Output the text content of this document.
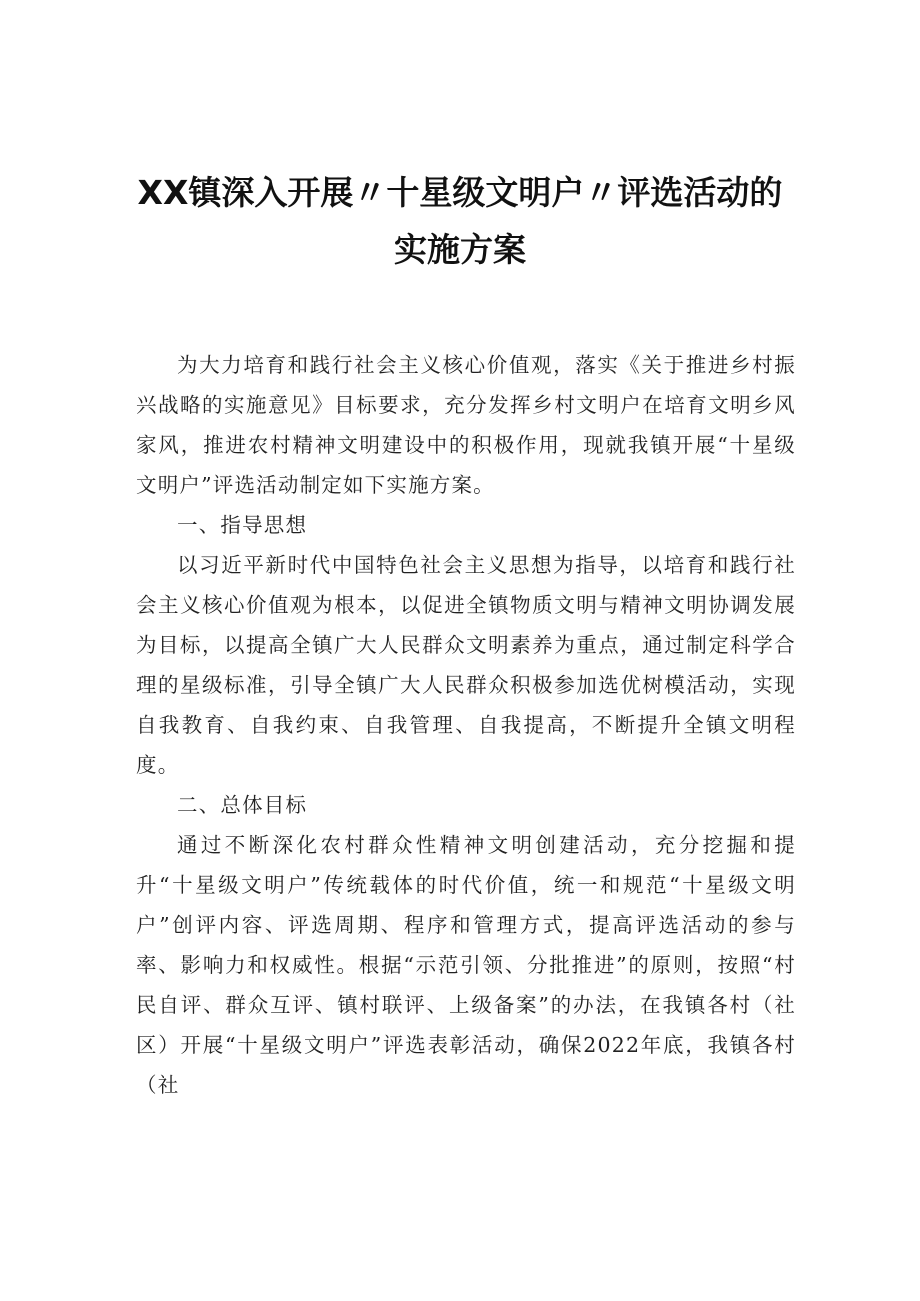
XX镇深入开展〃十星级文明户〃评选活动的
实施方案

为大力培育和践行社会主义核心价值观，落实《关于推进乡村振兴战略的实施意见》目标要求，充分发挥乡村文明户在培育文明乡风家风，推进农村精神文明建设中的积极作用，现就我镇开展“十星级文明户”评选活动制定如下实施方案。

一、指导思想

以习近平新时代中国特色社会主义思想为指导，以培育和践行社会主义核心价值观为根本，以促进全镇物质文明与精神文明协调发展为目标，以提高全镇广大人民群众文明素养为重点，通过制定科学合理的星级标准，引导全镇广大人民群众积极参加选优树模活动，实现自我教育、自我约束、自我管理、自我提高，不断提升全镇文明程度。

二、总体目标

通过不断深化农村群众性精神文明创建活动，充分挖掘和提升“十星级文明户”传统载体的时代价值，统一和规范“十星级文明户”创评内容、评选周期、程序和管理方式，提高评选活动的参与率、影响力和权威性。根据“示范引领、分批推进”的原则，按照“村民自评、群众互评、镇村联评、上级备案”的办法，在我镇各村（社区）开展“十星级文明户”评选表彰活动，确保2022年底，我镇各村（社
